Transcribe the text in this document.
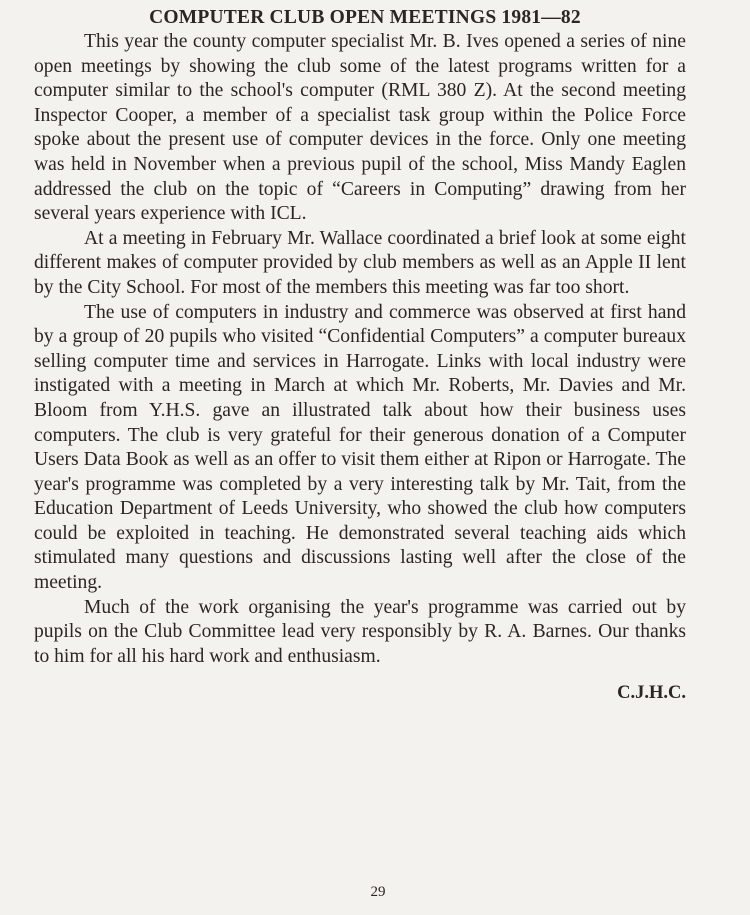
COMPUTER CLUB OPEN MEETINGS 1981—82

This year the county computer specialist Mr. B. Ives opened a series of nine open meetings by showing the club some of the latest programs written for a computer similar to the school's computer (RML 380 Z). At the second meeting Inspector Cooper, a member of a specialist task group within the Police Force spoke about the present use of computer devices in the force. Only one meeting was held in November when a previous pupil of the school, Miss Mandy Eaglen addressed the club on the topic of “Careers in Computing” drawing from her several years experience with ICL.

At a meeting in February Mr. Wallace coordinated a brief look at some eight different makes of computer provided by club members as well as an Apple II lent by the City School. For most of the members this meeting was far too short.

The use of computers in industry and commerce was observed at first hand by a group of 20 pupils who visited “Confidential Computers” a computer bureaux selling computer time and services in Harrogate. Links with local industry were instigated with a meeting in March at which Mr. Roberts, Mr. Davies and Mr. Bloom from Y.H.S. gave an illustrated talk about how their business uses computers. The club is very grateful for their generous donation of a Computer Users Data Book as well as an offer to visit them either at Ripon or Harrogate. The year's programme was completed by a very interesting talk by Mr. Tait, from the Education Department of Leeds University, who showed the club how computers could be exploited in teaching. He demonstrated several teaching aids which stimulated many questions and discussions lasting well after the close of the meeting.

Much of the work organising the year's programme was carried out by pupils on the Club Committee lead very responsibly by R. A. Barnes. Our thanks to him for all his hard work and enthusiasm.

C.J.H.C.
29
